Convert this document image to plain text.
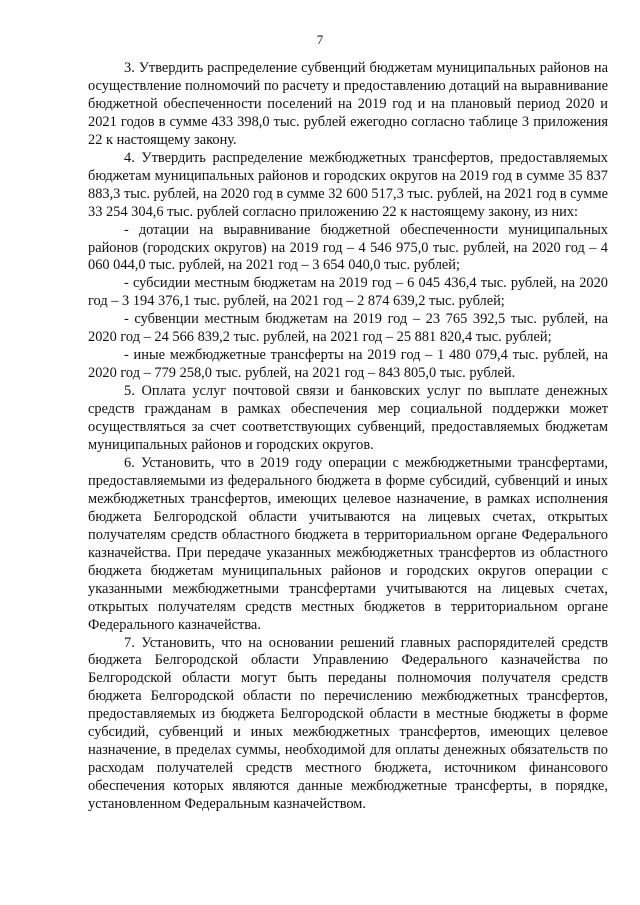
7

3. Утвердить распределение субвенций бюджетам муниципальных районов на осуществление полномочий по расчету и предоставлению дотаций на выравнивание бюджетной обеспеченности поселений на 2019 год и на плановый период 2020 и 2021 годов в сумме 433 398,0 тыс. рублей ежегодно согласно таблице 3 приложения 22 к настоящему закону.

4. Утвердить распределение межбюджетных трансфертов, предоставляемых бюджетам муниципальных районов и городских округов на 2019 год в сумме 35 837 883,3 тыс. рублей, на 2020 год в сумме 32 600 517,3 тыс. рублей, на 2021 год в сумме 33 254 304,6 тыс. рублей согласно приложению 22 к настоящему закону, из них:

- дотации на выравнивание бюджетной обеспеченности муниципальных районов (городских округов) на 2019 год – 4 546 975,0 тыс. рублей, на 2020 год – 4 060 044,0 тыс. рублей, на 2021 год – 3 654 040,0 тыс. рублей;

- субсидии местным бюджетам на 2019 год – 6 045 436,4 тыс. рублей, на 2020 год – 3 194 376,1 тыс. рублей, на 2021 год – 2 874 639,2 тыс. рублей;

- субвенции местным бюджетам на 2019 год – 23 765 392,5 тыс. рублей, на 2020 год – 24 566 839,2 тыс. рублей, на 2021 год – 25 881 820,4 тыс. рублей;

- иные межбюджетные трансферты на 2019 год – 1 480 079,4 тыс. рублей, на 2020 год – 779 258,0 тыс. рублей, на 2021 год – 843 805,0 тыс. рублей.

5. Оплата услуг почтовой связи и банковских услуг по выплате денежных средств гражданам в рамках обеспечения мер социальной поддержки может осуществляться за счет соответствующих субвенций, предоставляемых бюджетам муниципальных районов и городских округов.

6. Установить, что в 2019 году операции с межбюджетными трансфертами, предоставляемыми из федерального бюджета в форме субсидий, субвенций и иных межбюджетных трансфертов, имеющих целевое назначение, в рамках исполнения бюджета Белгородской области учитываются на лицевых счетах, открытых получателям средств областного бюджета в территориальном органе Федерального казначейства. При передаче указанных межбюджетных трансфертов из областного бюджета бюджетам муниципальных районов и городских округов операции с указанными межбюджетными трансфертами учитываются на лицевых счетах, открытых получателям средств местных бюджетов в территориальном органе Федерального казначейства.

7. Установить, что на основании решений главных распорядителей средств бюджета Белгородской области Управлению Федерального казначейства по Белгородской области могут быть переданы полномочия получателя средств бюджета Белгородской области по перечислению межбюджетных трансфертов, предоставляемых из бюджета Белгородской области в местные бюджеты в форме субсидий, субвенций и иных межбюджетных трансфертов, имеющих целевое назначение, в пределах суммы, необходимой для оплаты денежных обязательств по расходам получателей средств местного бюджета, источником финансового обеспечения которых являются данные межбюджетные трансферты, в порядке, установленном Федеральным казначейством.
